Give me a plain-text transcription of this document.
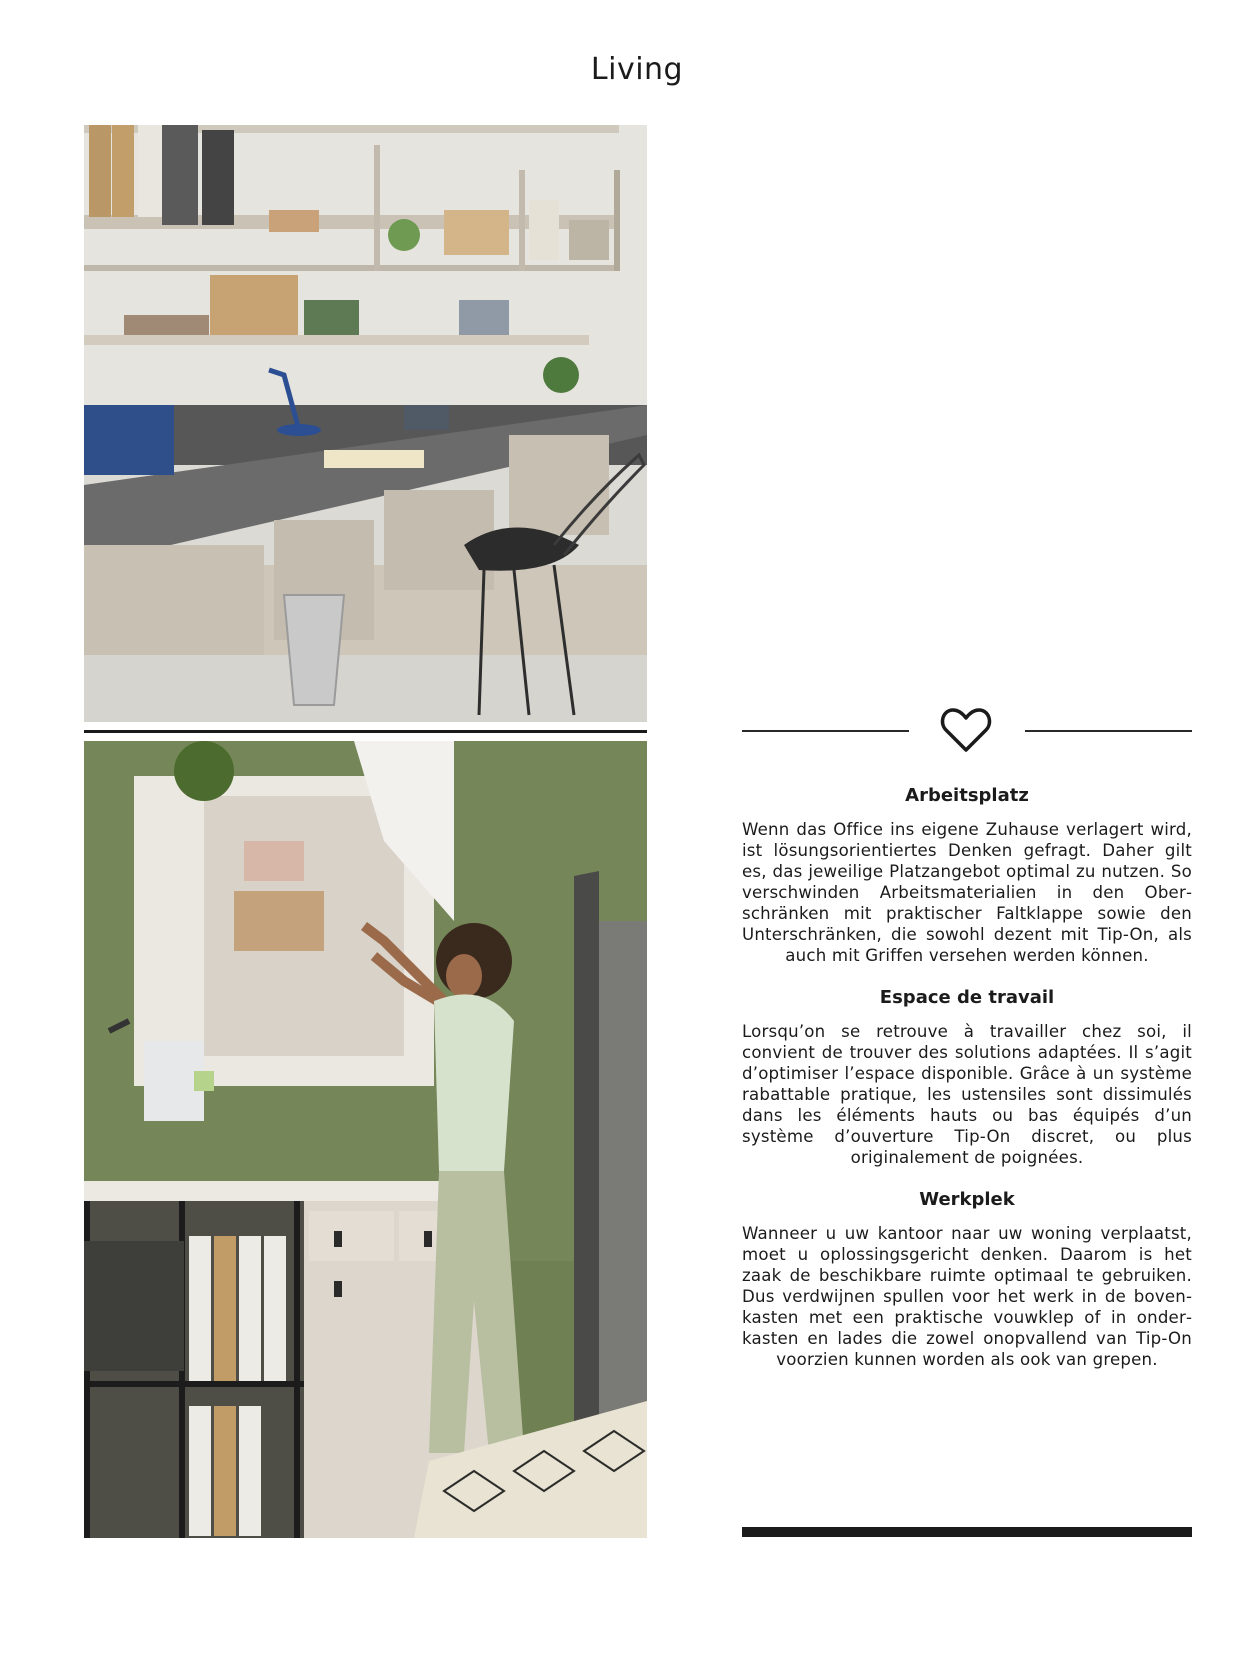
Living
Arbeitsplatz

Wenn das Office ins eigene Zuhause verlagert wird, ist lösungsorientiertes Denken gefragt. Daher gilt es, das jeweilige Platzangebot optimal zu nutzen. So verschwinden Arbeitsmaterialien in den Oberschränken mit praktischer Faltklappe sowie den Unterschränken, die sowohl dezent mit Tip-On, als auch mit Griffen versehen werden können.

Espace de travail

Lorsqu’on se retrouve à travailler chez soi, il convient de trouver des solutions adaptées. Il s’agit d’optimiser l’espace disponible. Grâce à un système rabattable pratique, les ustensiles sont dissimulés dans les éléments hauts ou bas équipés d’un système d’ouverture Tip-On discret, ou plus originalement de poignées.

Werkplek

Wanneer u uw kantoor naar uw woning verplaatst, moet u oplossingsgericht denken. Daarom is het zaak de beschikbare ruimte optimaal te gebruiken. Dus verdwijnen spullen voor het werk in de bovenkasten met een praktische vouwklep of in onderkasten en lades die zowel onopvallend van Tip-On voorzien kunnen worden als ook van grepen.
